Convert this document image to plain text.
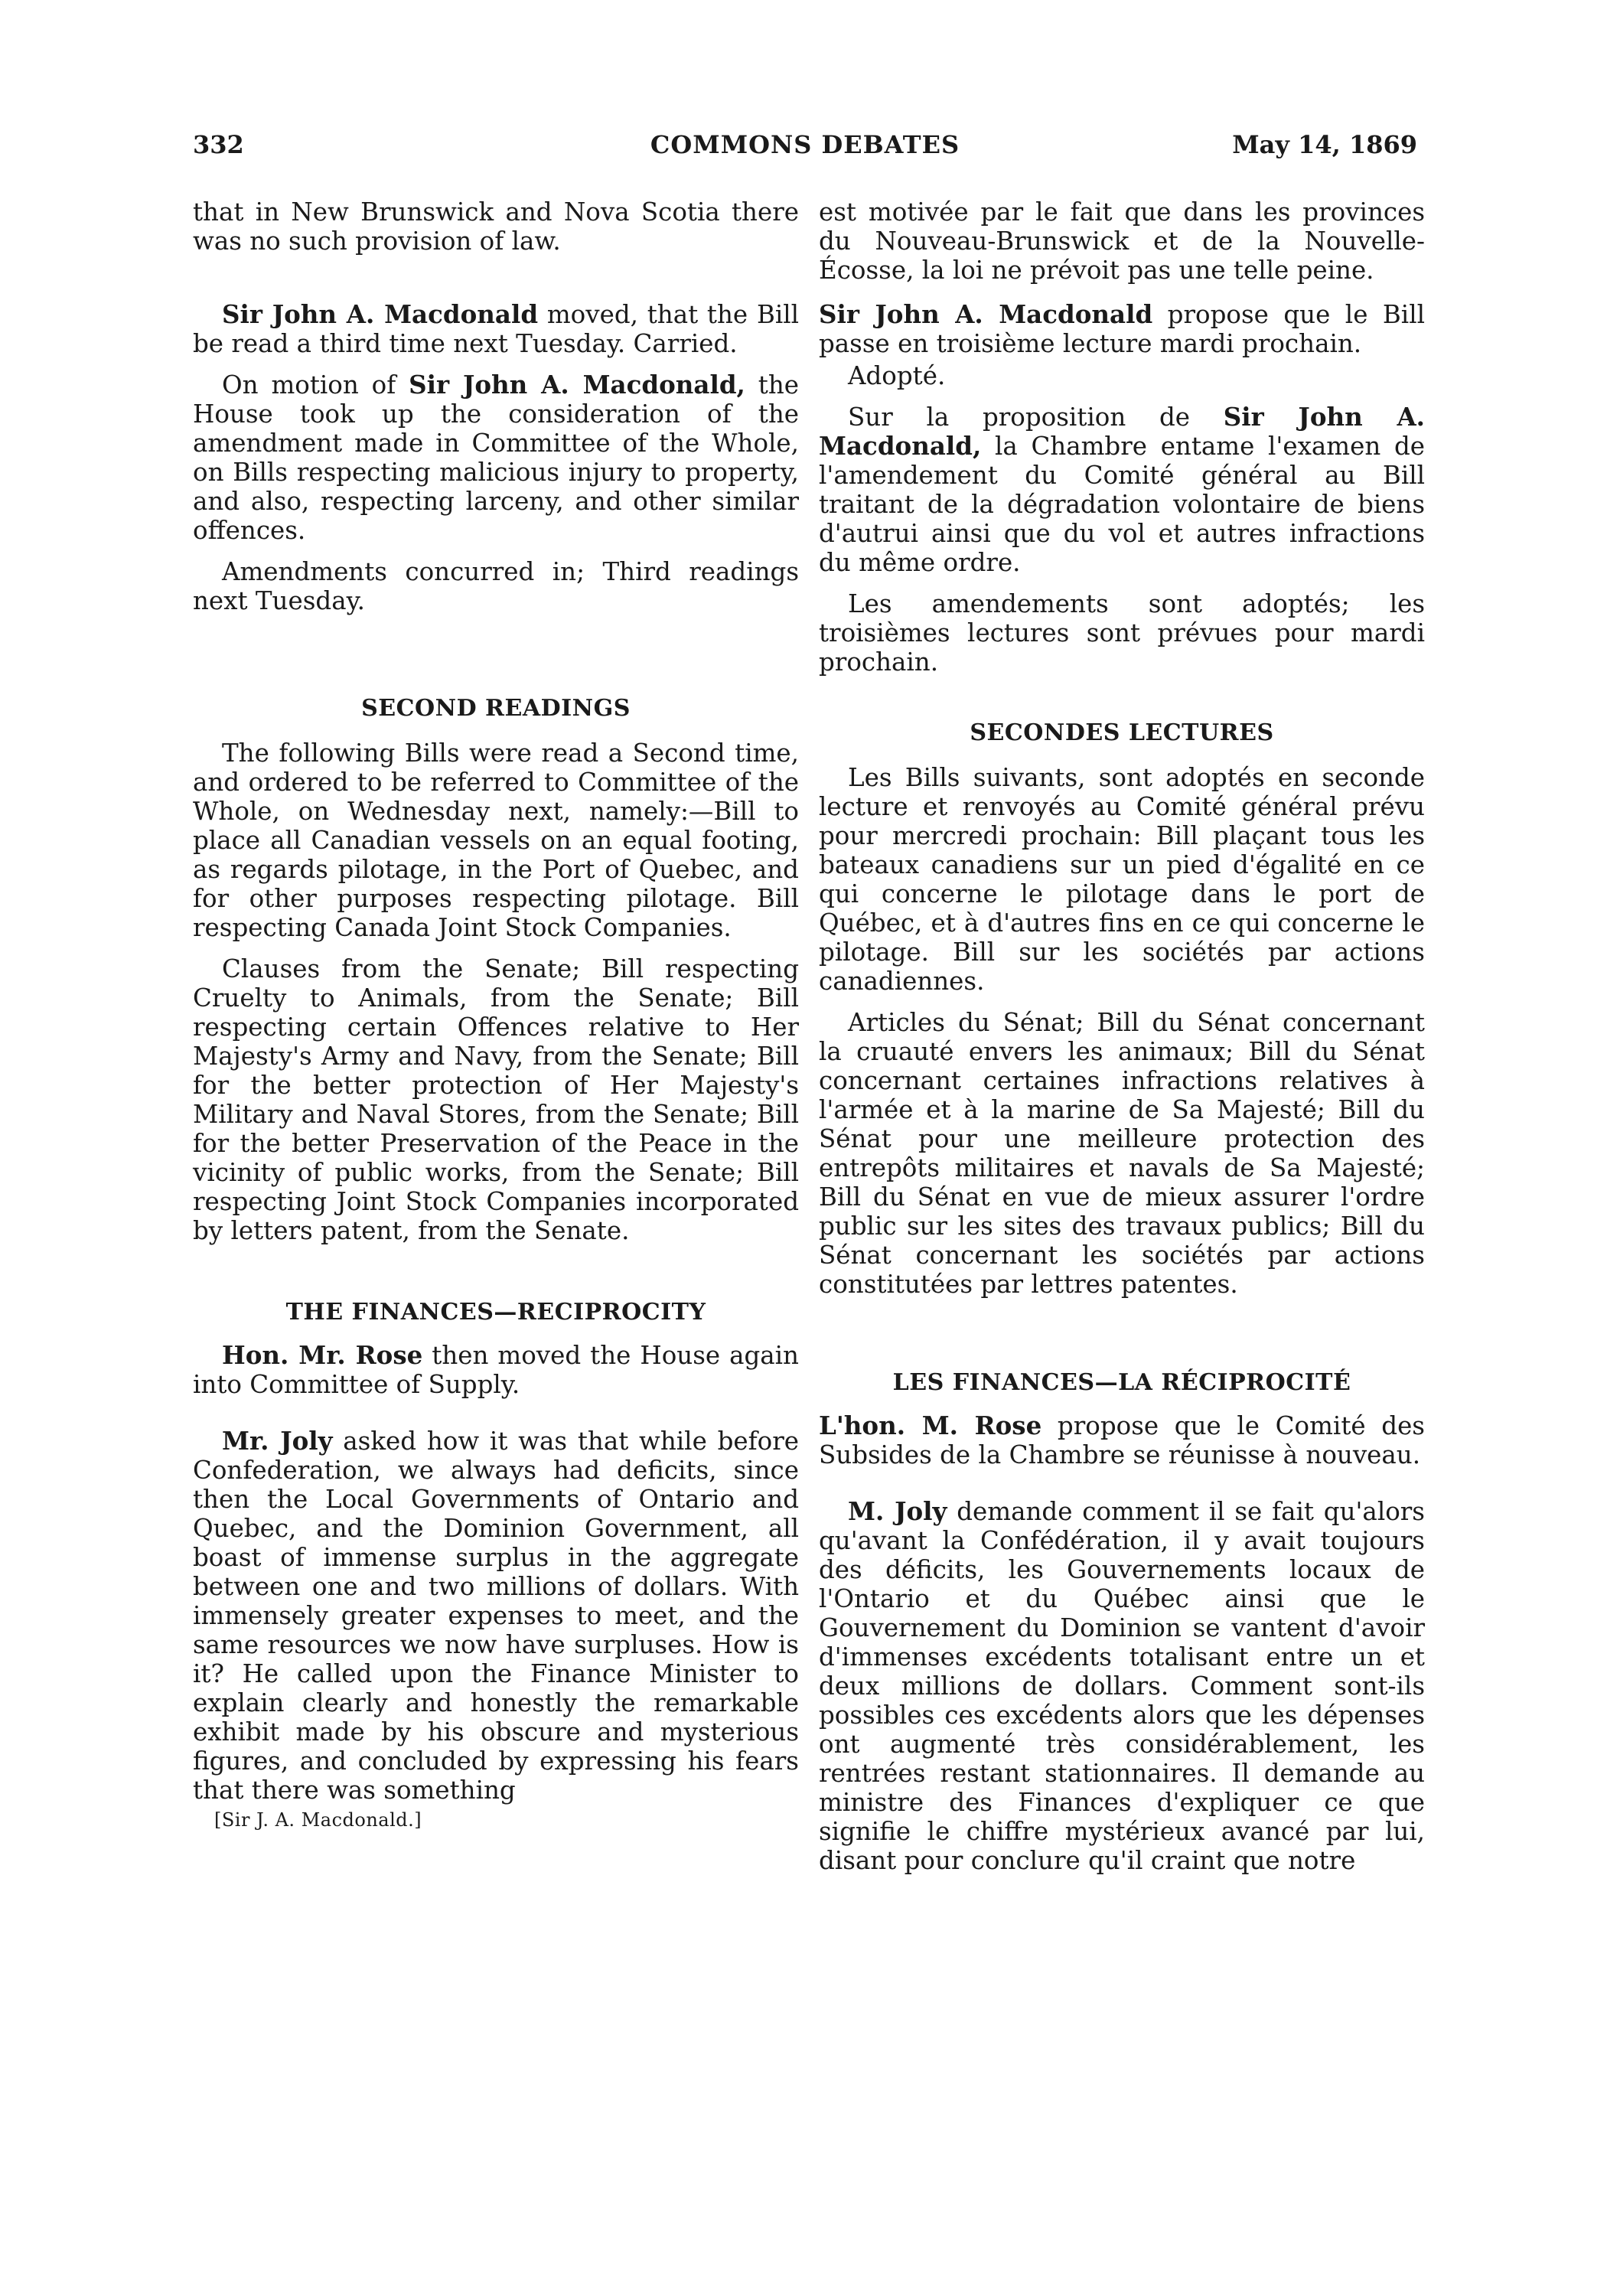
332	COMMONS DEBATES	May 14, 1869

that in New Brunswick and Nova Scotia there was no such provision of law.

Sir John A. Macdonald moved, that the Bill be read a third time next Tuesday. Carried.

On motion of Sir John A. Macdonald, the House took up the consideration of the amendment made in Committee of the Whole, on Bills respecting malicious injury to property, and also, respecting larceny, and other similar offences.

Amendments concurred in; Third readings next Tuesday.

SECOND READINGS

The following Bills were read a Second time, and ordered to be referred to Committee of the Whole, on Wednesday next, namely:—Bill to place all Canadian vessels on an equal footing, as regards pilotage, in the Port of Quebec, and for other purposes respecting pilotage. Bill respecting Canada Joint Stock Companies.

Clauses from the Senate; Bill respecting Cruelty to Animals, from the Senate; Bill respecting certain Offences relative to Her Majesty's Army and Navy, from the Senate; Bill for the better protection of Her Majesty's Military and Naval Stores, from the Senate; Bill for the better Preservation of the Peace in the vicinity of public works, from the Senate; Bill respecting Joint Stock Companies incorporated by letters patent, from the Senate.

THE FINANCES—RECIPROCITY

Hon. Mr. Rose then moved the House again into Committee of Supply.

Mr. Joly asked how it was that while before Confederation, we always had deficits, since then the Local Governments of Ontario and Quebec, and the Dominion Government, all boast of immense surplus in the aggregate between one and two millions of dollars. With immensely greater expenses to meet, and the same resources we now have surpluses. How is it? He called upon the Finance Minister to explain clearly and honestly the remarkable exhibit made by his obscure and mysterious figures, and concluded by expressing his fears that there was something

[Sir J. A. Macdonald.]

est motivée par le fait que dans les provinces du Nouveau-Brunswick et de la Nouvelle-Écosse, la loi ne prévoit pas une telle peine.

Sir John A. Macdonald propose que le Bill passe en troisième lecture mardi prochain.

Adopté.

Sur la proposition de Sir John A. Macdonald, la Chambre entame l'examen de l'amendement du Comité général au Bill traitant de la dégradation volontaire de biens d'autrui ainsi que du vol et autres infractions du même ordre.

Les amendements sont adoptés; les troisièmes lectures sont prévues pour mardi prochain.

SECONDES LECTURES

Les Bills suivants, sont adoptés en seconde lecture et renvoyés au Comité général prévu pour mercredi prochain: Bill plaçant tous les bateaux canadiens sur un pied d'égalité en ce qui concerne le pilotage dans le port de Québec, et à d'autres fins en ce qui concerne le pilotage. Bill sur les sociétés par actions canadiennes.

Articles du Sénat; Bill du Sénat concernant la cruauté envers les animaux; Bill du Sénat concernant certaines infractions relatives à l'armée et à la marine de Sa Majesté; Bill du Sénat pour une meilleure protection des entrepôts militaires et navals de Sa Majesté; Bill du Sénat en vue de mieux assurer l'ordre public sur les sites des travaux publics; Bill du Sénat concernant les sociétés par actions constitutées par lettres patentes.

LES FINANCES—LA RÉCIPROCITÉ

L'hon. M. Rose propose que le Comité des Subsides de la Chambre se réunisse à nouveau.

M. Joly demande comment il se fait qu'alors qu'avant la Confédération, il y avait toujours des déficits, les Gouvernements locaux de l'Ontario et du Québec ainsi que le Gouvernement du Dominion se vantent d'avoir d'immenses excédents totalisant entre un et deux millions de dollars. Comment sont-ils possibles ces excédents alors que les dépenses ont augmenté très considérablement, les rentrées restant stationnaires. Il demande au ministre des Finances d'expliquer ce que signifie le chiffre mystérieux avancé par lui, disant pour conclure qu'il craint que notre
